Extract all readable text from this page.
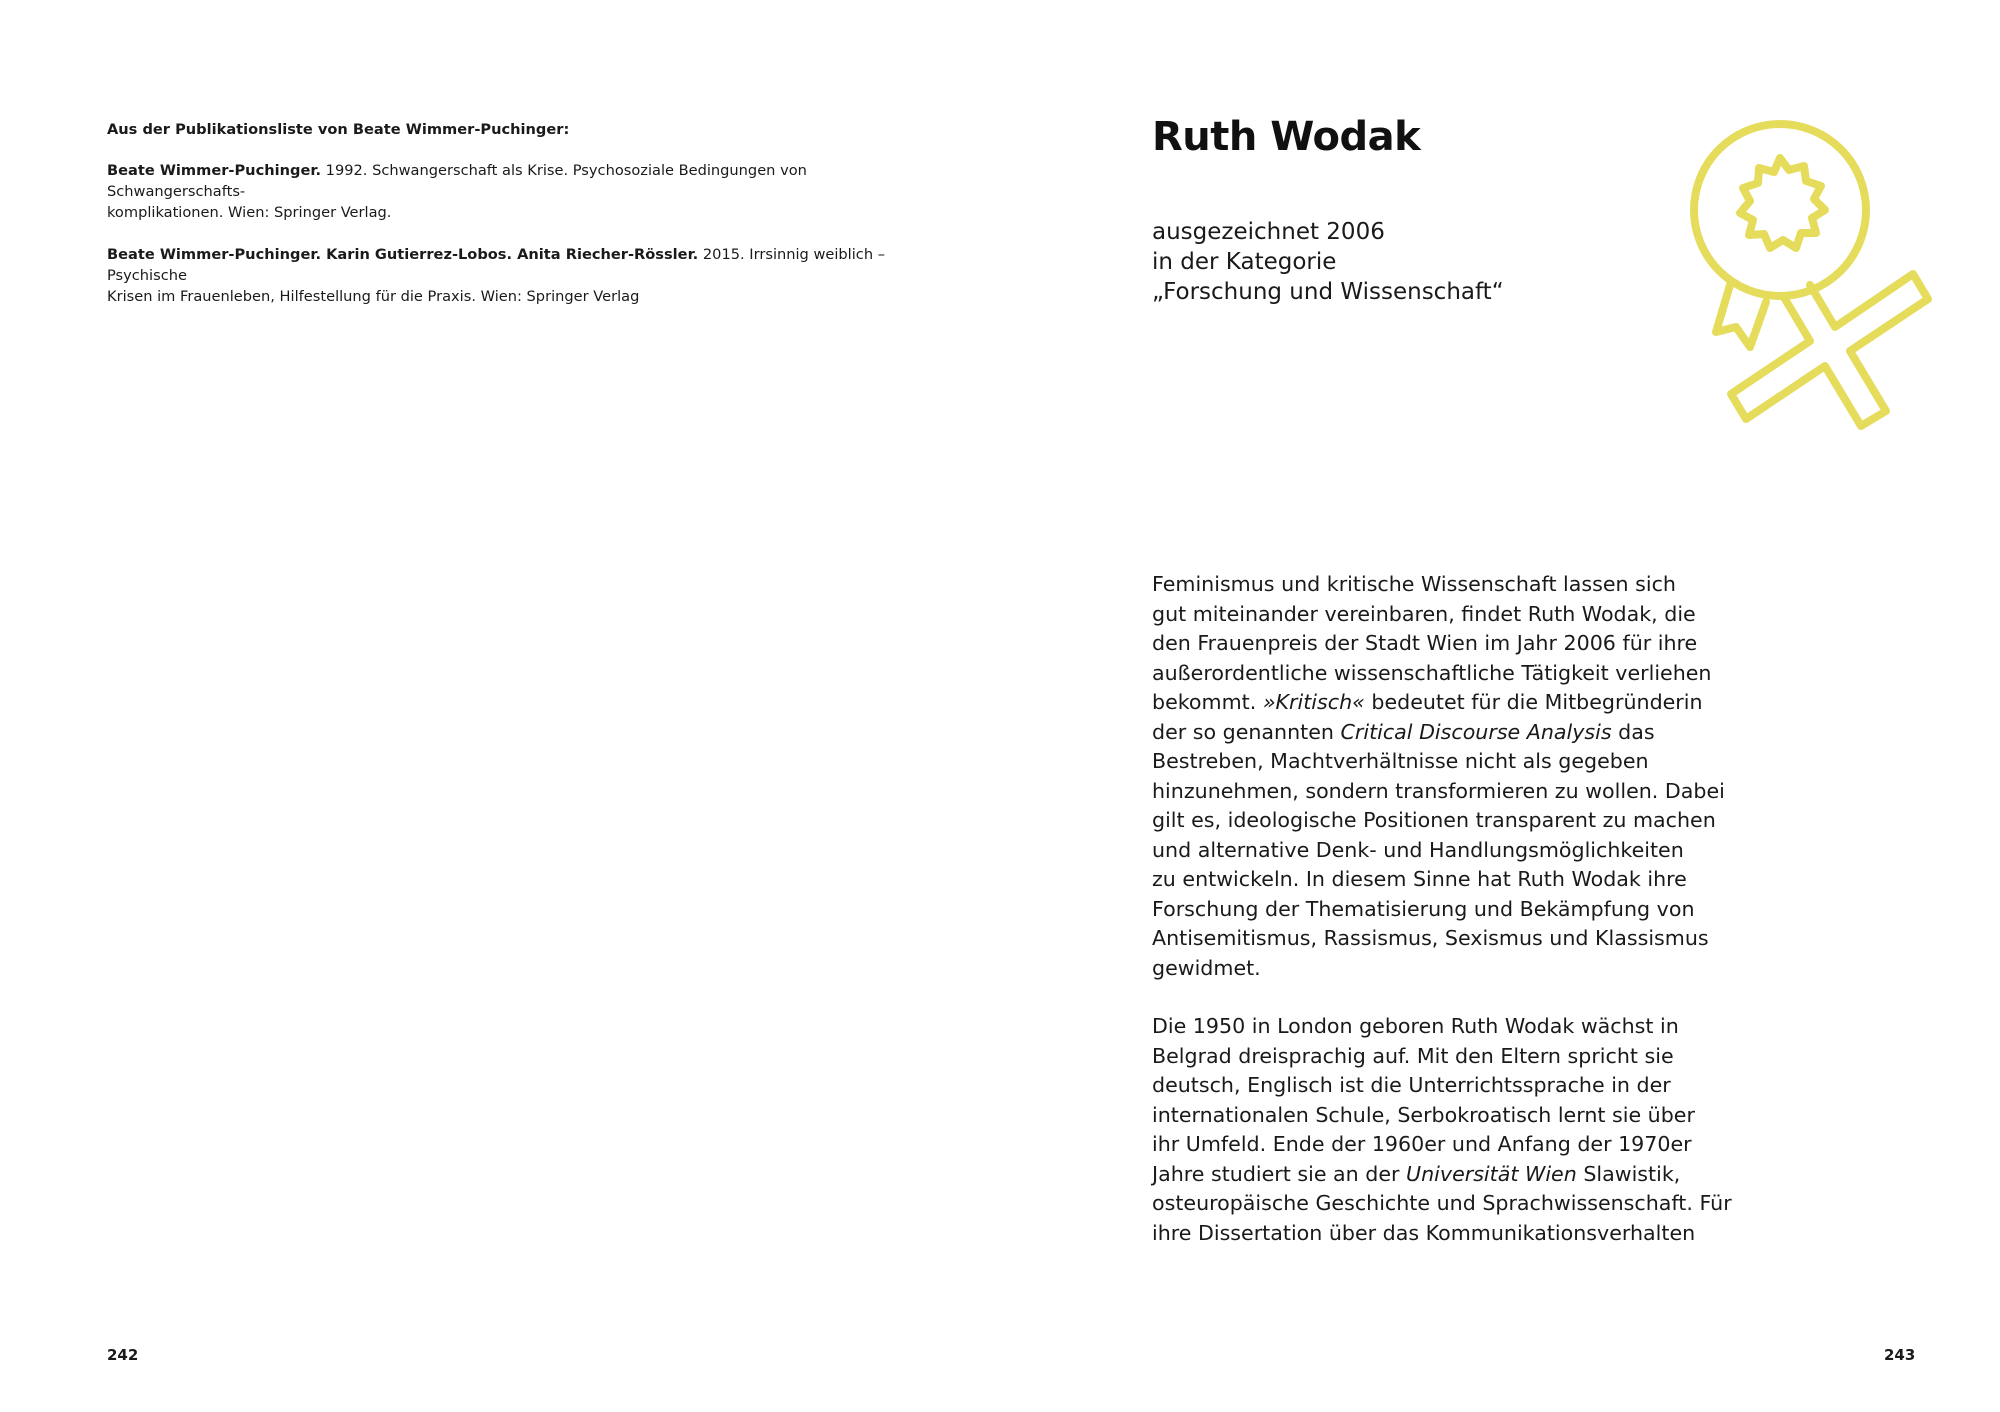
Aus der Publikationsliste von Beate Wimmer-Puchinger:

Beate Wimmer-Puchinger. 1992. Schwangerschaft als Krise. Psychosoziale Bedingungen von Schwangerschafts-
komplikationen. Wien: Springer Verlag.

Beate Wimmer-Puchinger. Karin Gutierrez-Lobos. Anita Riecher-Rössler. 2015. Irrsinnig weiblich – Psychische
Krisen im Frauenleben, Hilfestellung für die Praxis. Wien: Springer Verlag

242
Ruth Wodak
ausgezeichnet 2006
in der Kategorie
„Forschung und Wissenschaft“

Feminismus und kritische Wissenschaft lassen sich
gut miteinander vereinbaren, findet Ruth Wodak, die
den Frauenpreis der Stadt Wien im Jahr 2006 für ihre
außerordentliche wissenschaftliche Tätigkeit verliehen
bekommt. »Kritisch« bedeutet für die Mitbegründerin
der so genannten Critical Discourse Analysis das
Bestreben, Machtverhältnisse nicht als gegeben
hinzunehmen, sondern transformieren zu wollen. Dabei
gilt es, ideologische Positionen transparent zu machen
und alternative Denk- und Handlungsmöglichkeiten
zu entwickeln. In diesem Sinne hat Ruth Wodak ihre
Forschung der Thematisierung und Bekämpfung von
Antisemitismus, Rassismus, Sexismus und Klassismus
gewidmet.

Die 1950 in London geboren Ruth Wodak wächst in
Belgrad dreisprachig auf. Mit den Eltern spricht sie
deutsch, Englisch ist die Unterrichtssprache in der
internationalen Schule, Serbokroatisch lernt sie über
ihr Umfeld. Ende der 1960er und Anfang der 1970er
Jahre studiert sie an der Universität Wien Slawistik,
osteuropäische Geschichte und Sprachwissenschaft. Für
ihre Dissertation über das Kommunikationsverhalten

243
